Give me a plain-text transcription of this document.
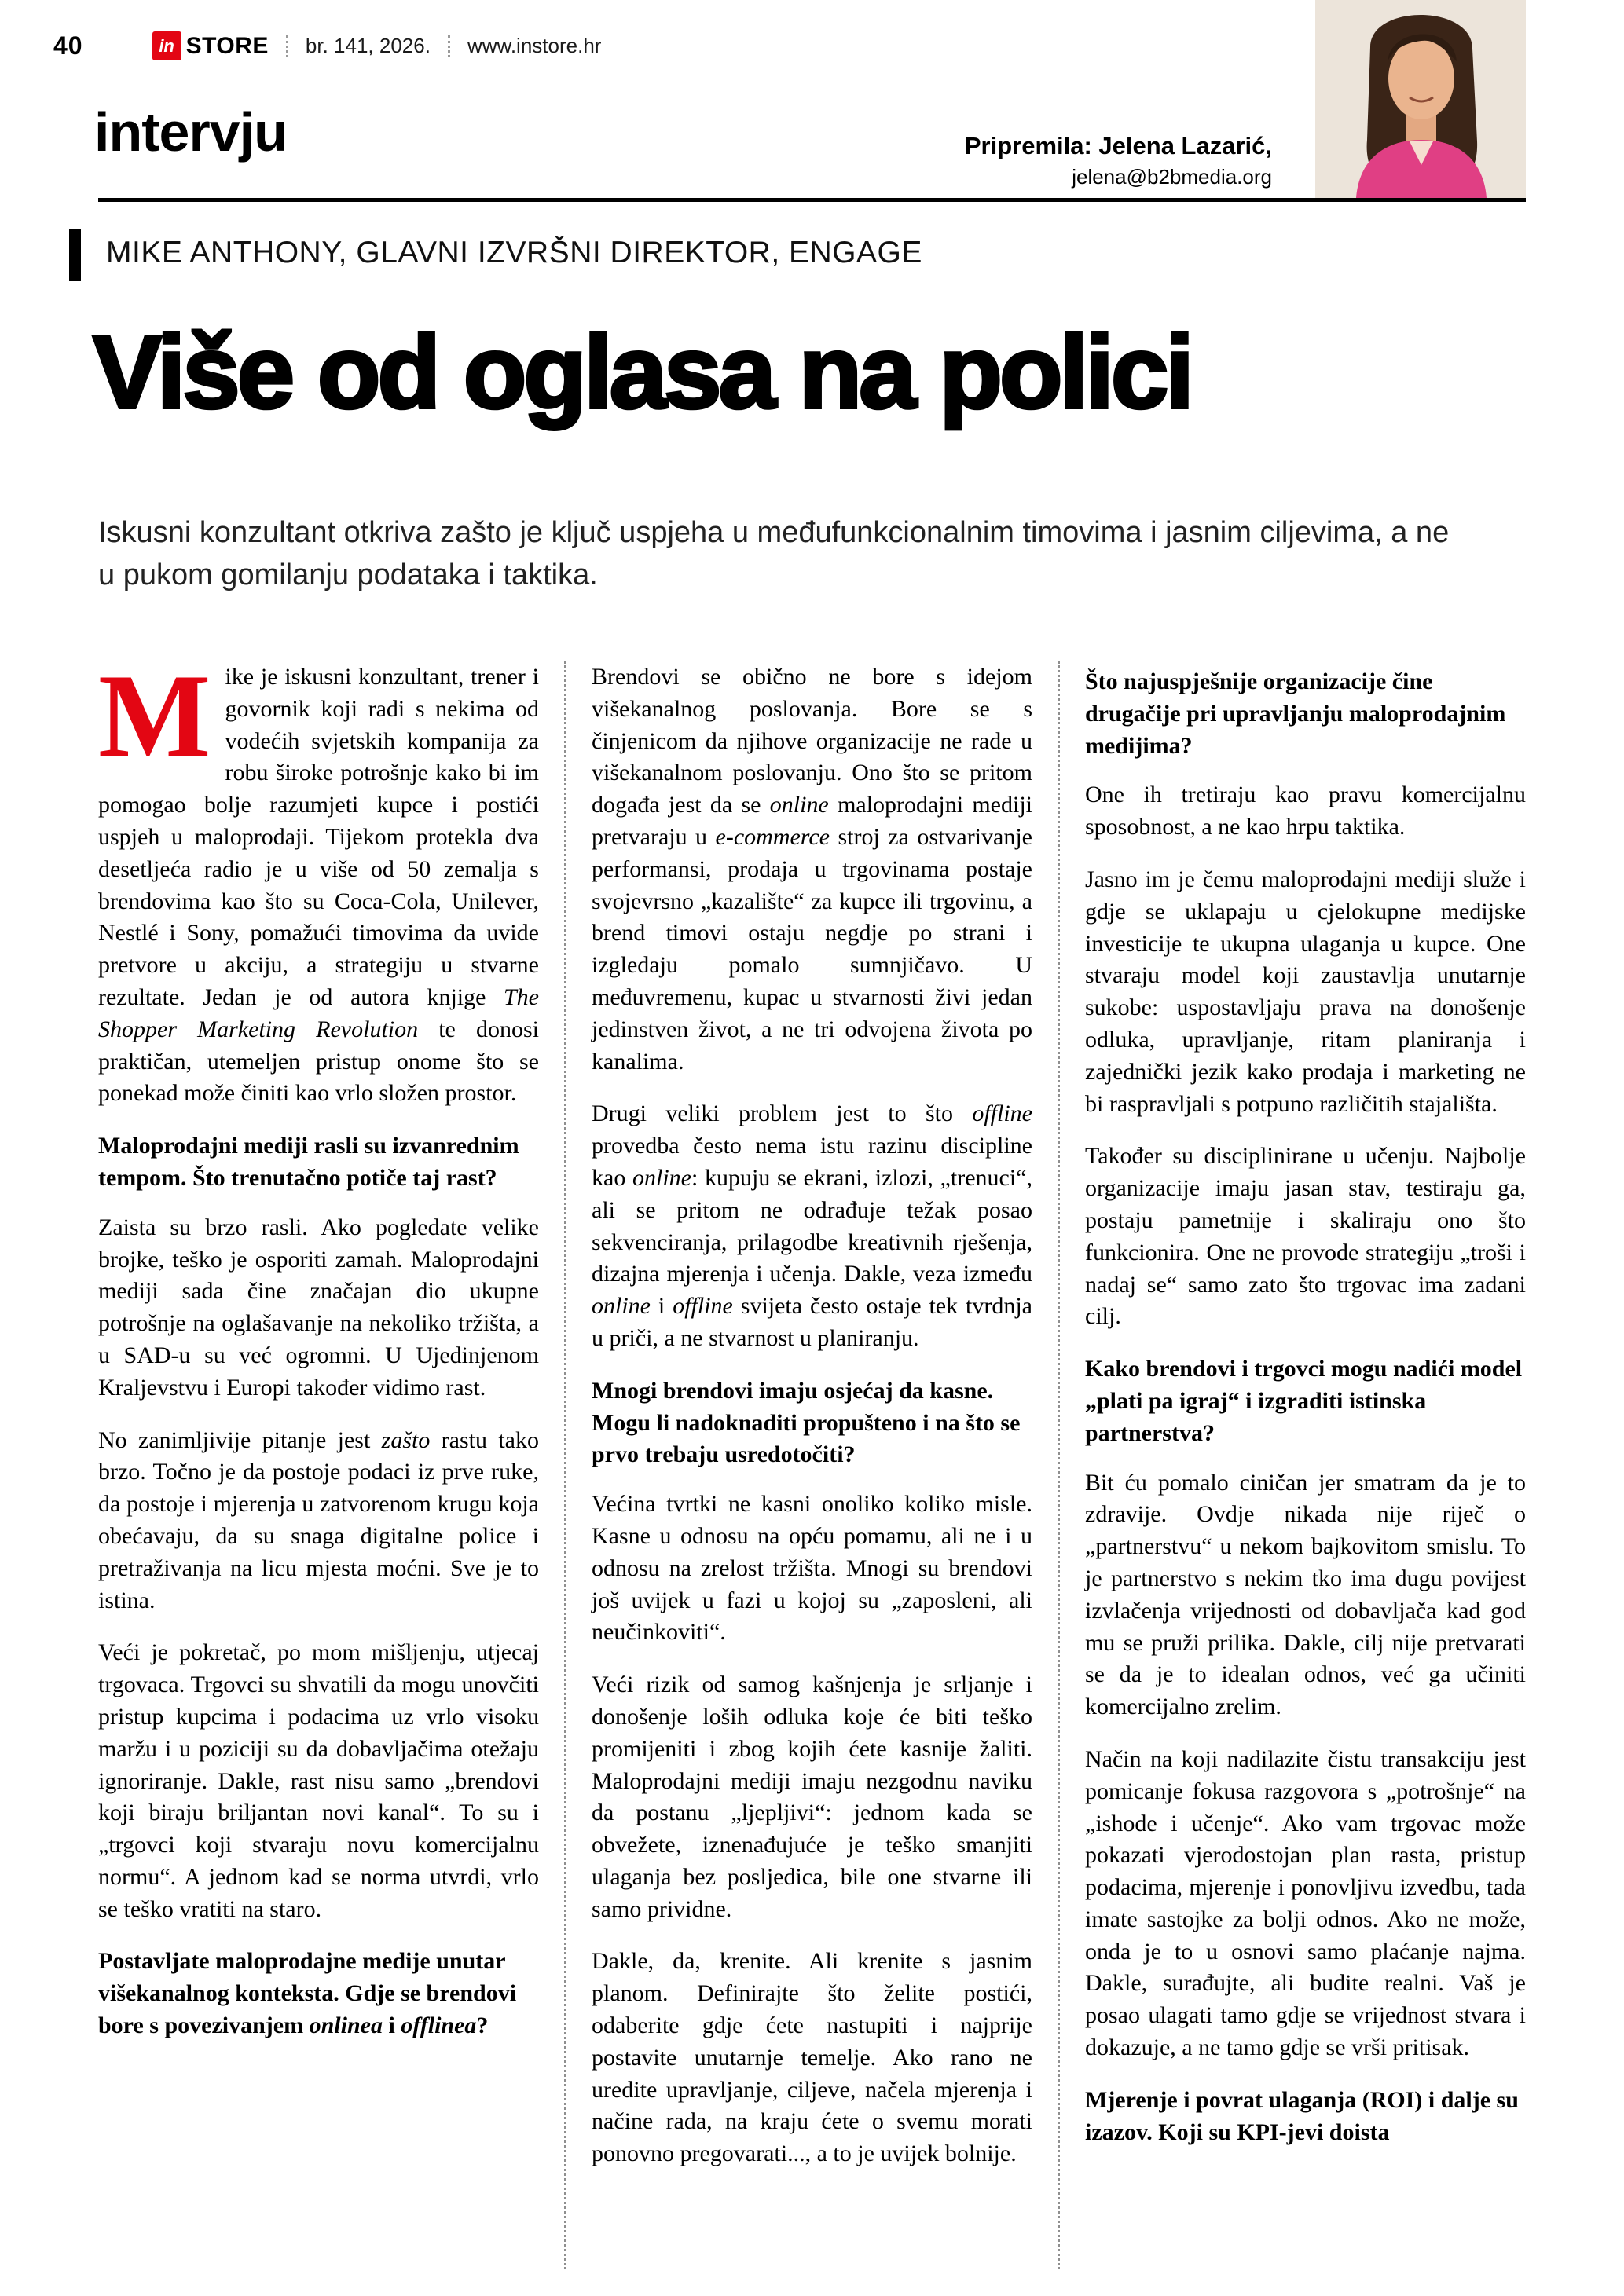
40	in STORE br. 141, 2026. www.instore.hr
intervju	Pripremila: Jelena Lazarić,
jelena@b2bmedia.org
MIKE ANTHONY, GLAVNI IZVRŠNI DIREKTOR, ENGAGE
Više od oglasa na polici
Iskusni konzultant otkriva zašto je ključ uspjeha u međufunkcionalnim timovima i jasnim ciljevima, a ne u pukom gomilanju podataka i taktika.

Mike je iskusni konzultant, trener i govornik koji radi s nekima od vodećih svjetskih kompanija za robu široke potrošnje kako bi im pomogao bolje razumjeti kupce i postići uspjeh u maloprodaji. Tijekom protekla dva desetljeća radio je u više od 50 zemalja s brendovima kao što su Coca-Cola, Unilever, Nestlé i Sony, pomažući timovima da uvide pretvore u akciju, a strategiju u stvarne rezultate. Jedan je od autora knjige The Shopper Marketing Revolution te donosi praktičan, utemeljen pristup onome što se ponekad može činiti kao vrlo složen prostor.

Maloprodajni mediji rasli su izvanrednim tempom. Što trenutačno potiče taj rast?

Zaista su brzo rasli. Ako pogledate velike brojke, teško je osporiti zamah. Maloprodajni mediji sada čine značajan dio ukupne potrošnje na oglašavanje na nekoliko tržišta, a u SAD-u su već ogromni. U Ujedinjenom Kraljevstvu i Europi također vidimo rast.

No zanimljivije pitanje jest zašto rastu tako brzo. Točno je da postoje podaci iz prve ruke, da postoje i mjerenja u zatvorenom krugu koja obećavaju, da su snaga digitalne police i pretraživanja na licu mjesta moćni. Sve je to istina.

Veći je pokretač, po mom mišljenju, utjecaj trgovaca. Trgovci su shvatili da mogu unovčiti pristup kupcima i podacima uz vrlo visoku maržu i u poziciji su da dobavljačima otežaju ignoriranje. Dakle, rast nisu samo „brendovi koji biraju briljantan novi kanal“. To su i „trgovci koji stvaraju novu komercijalnu normu“. A jednom kad se norma utvrdi, vrlo se teško vratiti na staro.

Postavljate maloprodajne medije unutar višekanalnog konteksta. Gdje se brendovi bore s povezivanjem onlinea i offlinea?

Brendovi se obično ne bore s idejom višekanalnog poslovanja. Bore se s činjenicom da njihove organizacije ne rade u višekanalnom poslovanju. Ono što se pritom događa jest da se online maloprodajni mediji pretvaraju u e-commerce stroj za ostvarivanje performansi, prodaja u trgovinama postaje svojevrsno „kazalište“ za kupce ili trgovinu, a brend timovi ostaju negdje po strani i izgledaju pomalo sumnjičavo. U međuvremenu, kupac u stvarnosti živi jedan jedinstven život, a ne tri odvojena života po kanalima.

Drugi veliki problem jest to što offline provedba često nema istu razinu discipline kao online: kupuju se ekrani, izlozi, „trenuci“, ali se pritom ne odrađuje težak posao sekvenciranja, prilagodbe kreativnih rješenja, dizajna mjerenja i učenja. Dakle, veza između online i offline svijeta često ostaje tek tvrdnja u priči, a ne stvarnost u planiranju.

Mnogi brendovi imaju osjećaj da kasne. Mogu li nadoknaditi propušteno i na što se prvo trebaju usredotočiti?

Većina tvrtki ne kasni onoliko koliko misle. Kasne u odnosu na opću pomamu, ali ne i u odnosu na zrelost tržišta. Mnogi su brendovi još uvijek u fazi u kojoj su „zaposleni, ali neučinkoviti“.

Veći rizik od samog kašnjenja je srljanje i donošenje loših odluka koje će biti teško promijeniti i zbog kojih ćete kasnije žaliti. Maloprodajni mediji imaju nezgodnu naviku da postanu „ljepljivi“: jednom kada se obvežete, iznenađujuće je teško smanjiti ulaganja bez posljedica, bile one stvarne ili samo prividne.

Dakle, da, krenite. Ali krenite s jasnim planom. Definirajte što želite postići, odaberite gdje ćete nastupiti i najprije postavite unutarnje temelje. Ako rano ne uredite upravljanje, ciljeve, načela mjerenja i načine rada, na kraju ćete o svemu morati ponovno pregovarati..., a to je uvijek bolnije.

Što najuspješnije organizacije čine drugačije pri upravljanju maloprodajnim medijima?

One ih tretiraju kao pravu komercijalnu sposobnost, a ne kao hrpu taktika.

Jasno im je čemu maloprodajni mediji služe i gdje se uklapaju u cjelokupne medijske investicije te ukupna ulaganja u kupce. One stvaraju model koji zaustavlja unutarnje sukobe: uspostavljaju prava na donošenje odluka, upravljanje, ritam planiranja i zajednički jezik kako prodaja i marketing ne bi raspravljali s potpuno različitih stajališta.

Također su disciplinirane u učenju. Najbolje organizacije imaju jasan stav, testiraju ga, postaju pametnije i skaliraju ono što funkcionira. One ne provode strategiju „troši i nadaj se“ samo zato što trgovac ima zadani cilj.

Kako brendovi i trgovci mogu nadići model „plati pa igraj“ i izgraditi istinska partnerstva?

Bit ću pomalo ciničan jer smatram da je to zdravije. Ovdje nikada nije riječ o „partnerstvu“ u nekom bajkovitom smislu. To je partnerstvo s nekim tko ima dugu povijest izvlačenja vrijednosti od dobavljača kad god mu se pruži prilika. Dakle, cilj nije pretvarati se da je to idealan odnos, već ga učiniti komercijalno zrelim.

Način na koji nadilazite čistu transakciju jest pomicanje fokusa razgovora s „potrošnje“ na „ishode i učenje“. Ako vam trgovac može pokazati vjerodostojan plan rasta, pristup podacima, mjerenje i ponovljivu izvedbu, tada imate sastojke za bolji odnos. Ako ne može, onda je to u osnovi samo plaćanje najma. Dakle, surađujte, ali budite realni. Vaš je posao ulagati tamo gdje se vrijednost stvara i dokazuje, a ne tamo gdje se vrši pritisak.

Mjerenje i povrat ulaganja (ROI) i dalje su izazov. Koji su KPI-jevi doista
